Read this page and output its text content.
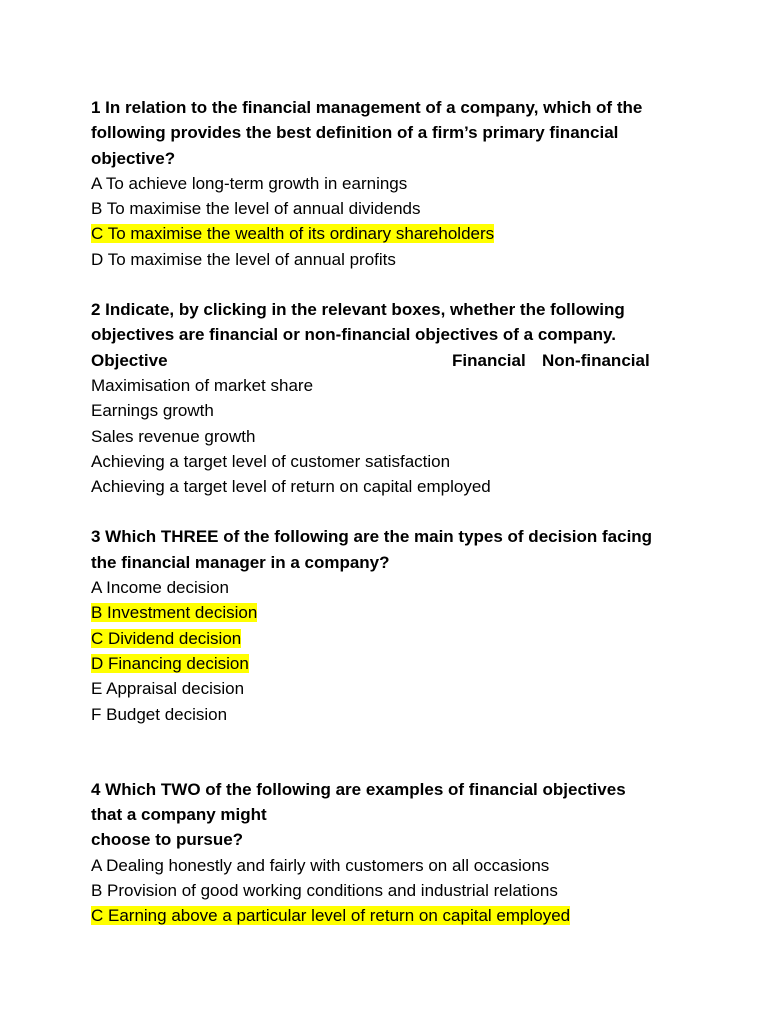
1 In relation to the financial management of a company, which of the
following provides the best definition of a firm’s primary financial
objective?
A To achieve long-term growth in earnings
B To maximise the level of annual dividends
C To maximise the wealth of its ordinary shareholders
D To maximise the level of annual profits
2 Indicate, by clicking in the relevant boxes, whether the following
objectives are financial or non-financial objectives of a company.
Objective	Financial Non-financial
Maximisation of market share
Earnings growth
Sales revenue growth
Achieving a target level of customer satisfaction
Achieving a target level of return on capital employed
3 Which THREE of the following are the main types of decision facing
the financial manager in a company?
A Income decision
B Investment decision
C Dividend decision
D Financing decision
E Appraisal decision
F Budget decision
4 Which TWO of the following are examples of financial objectives
that a company might
choose to pursue?
A Dealing honestly and fairly with customers on all occasions
B Provision of good working conditions and industrial relations
C Earning above a particular level of return on capital employed
